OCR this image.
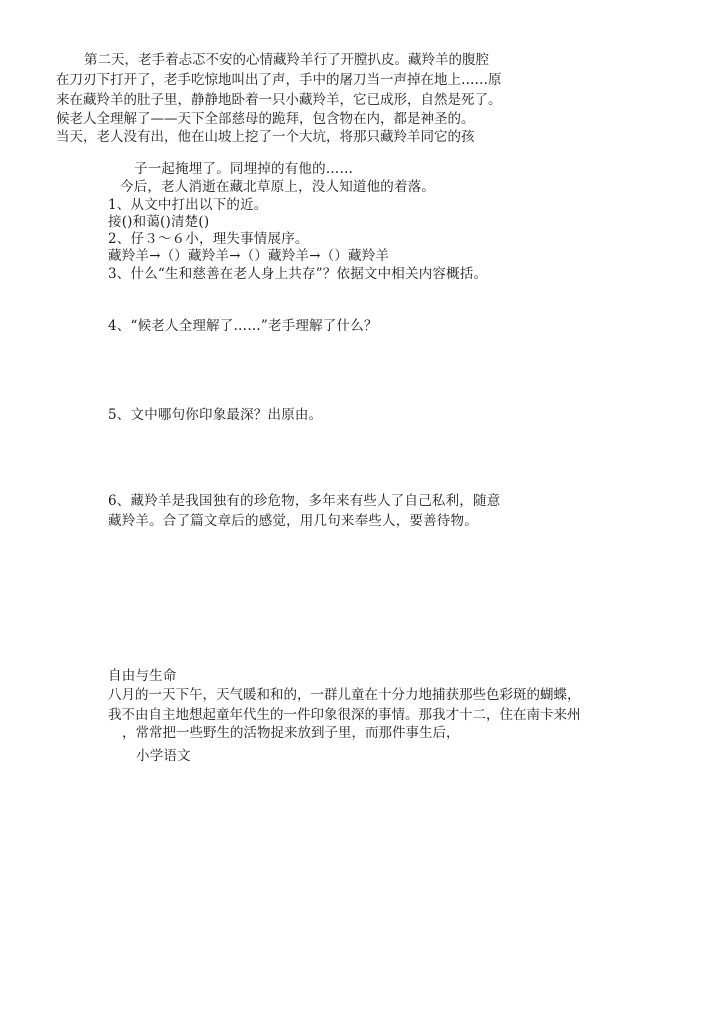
第二天，老手着忐忑不安的心情藏羚羊行了开膛扒皮。藏羚羊的腹腔
在刀刃下打开了，老手吃惊地叫出了声，手中的屠刀当一声掉在地上……原
来在藏羚羊的肚子里，静静地卧着一只小藏羚羊，它已成形，自然是死了。
候老人全理解了——天下全部慈母的跪拜，包含物在内，都是神圣的。
当天，老人没有出，他在山坡上挖了一个大坑，将那只藏羚羊同它的孩
子一起掩埋了。同埋掉的有他的……
今后，老人消逝在藏北草原上，没人知道他的着落。
1、从文中打出以下的近。
接()和蔼()清楚()
2、仔３～６小，理失事情展序。
藏羚羊→（）藏羚羊→（）藏羚羊→（）藏羚羊
3、什么“生和慈善在老人身上共存”？依据文中相关内容概括。
4、“候老人全理解了……”老手理解了什么？
5、文中哪句你印象最深？出原由。
6、藏羚羊是我国独有的珍危物，多年来有些人了自己私利，随意
藏羚羊。合了篇文章后的感觉，用几句来奉些人，要善待物。
自由与生命
八月的一天下午，天气暖和和的，一群儿童在十分力地捕获那些色彩斑的蝴蝶，
我不由自主地想起童年代生的一件印象很深的事情。那我才十二，住在南卡来州
，常常把一些野生的活物捉来放到子里，而那件事生后，
小学语文
